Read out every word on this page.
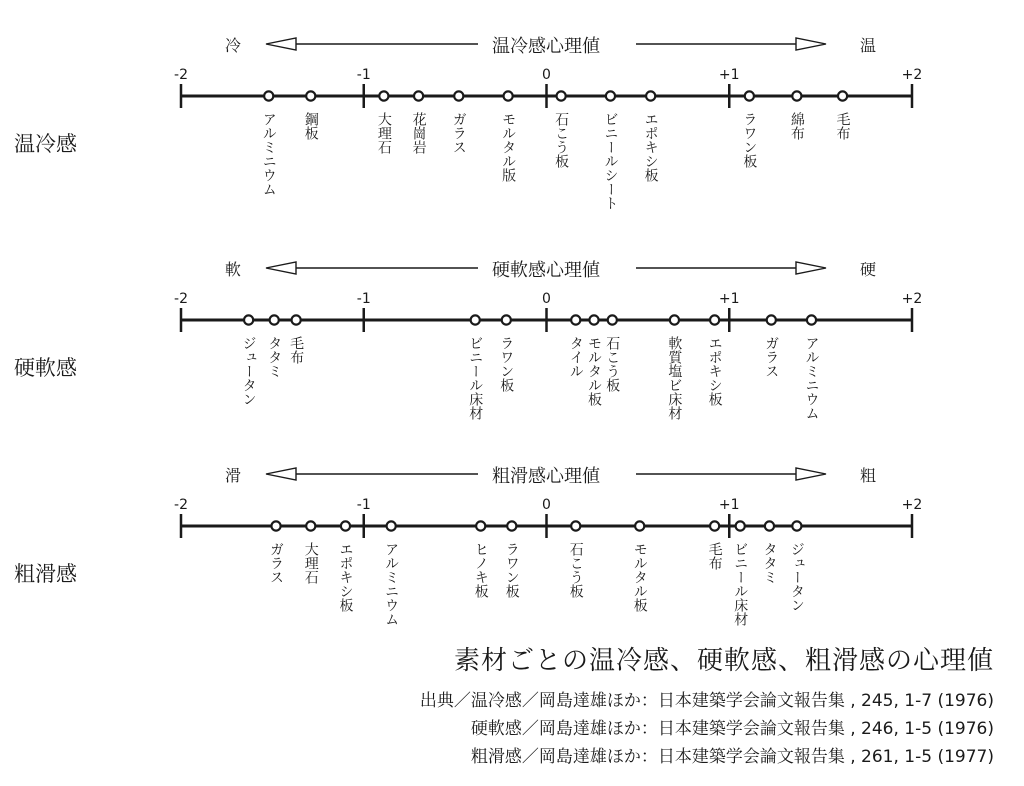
温冷感
冷	温
温冷感心理値
-2	-1	0	+1	+2
アルミニウム 鋼板	大理石 花崗岩 ガラス モルタル版	石こう板 ビニールシート エポキシ板	ラワン板 綿布 毛布
硬軟感
軟	硬
硬軟感心理値
-2	-1	0	+1	+2
ジュータン タタミ 毛布	ビニール床材 ラワン板	タイル モルタル板 石こう板	軟質塩ビ床材 エポキシ板	ガラス アルミニウム
粗滑感
滑	粗
粗滑感心理値
-2	-1	0	+1	+2
ガラス 大理石 エポキシ板 アルミニウム	ヒノキ板 ラワン板	石こう板	モルタル板	毛布 ビニール床材 タタミ ジュータン
素材ごとの温冷感、硬軟感、粗滑感の心理値
出典／温冷感／岡島達雄ほか：日本建築学会論文報告集 , 245, 1-7 (1976)
硬軟感／岡島達雄ほか：日本建築学会論文報告集 , 246, 1-5 (1976)
粗滑感／岡島達雄ほか：日本建築学会論文報告集 , 261, 1-5 (1977)
